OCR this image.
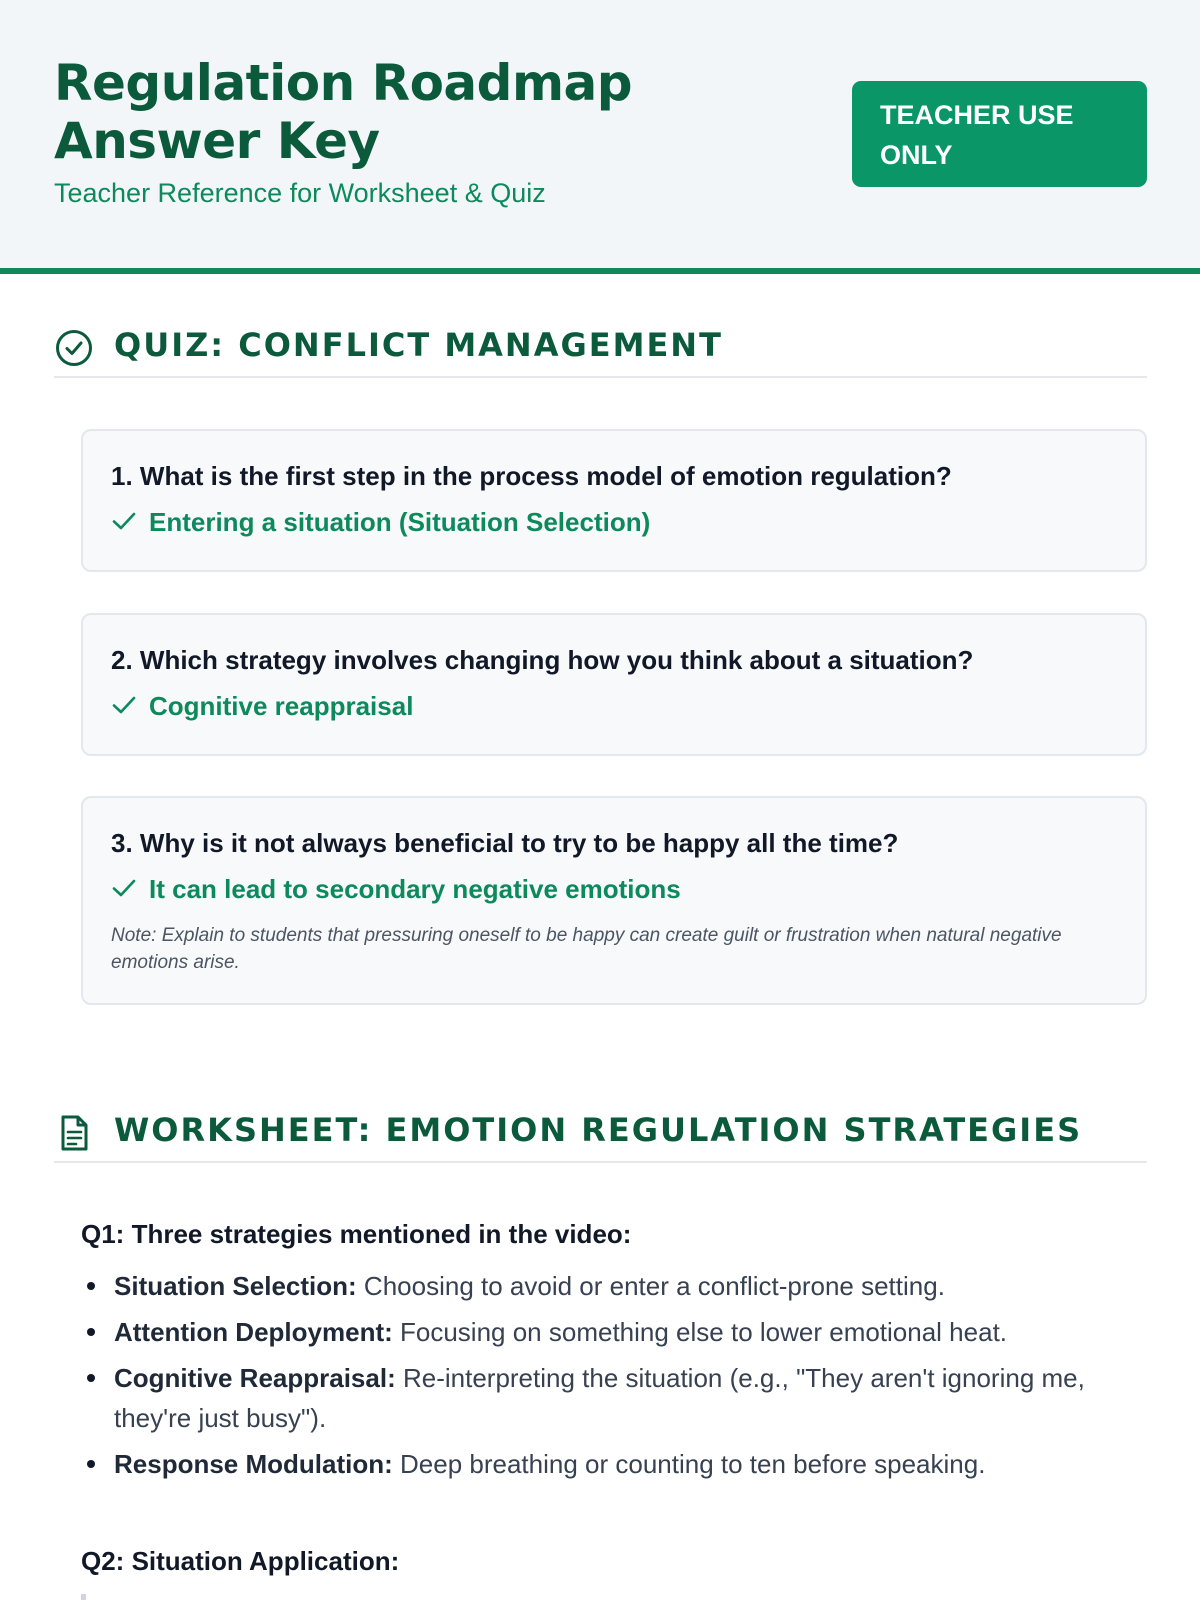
Regulation Roadmap Answer Key
Teacher Reference for Worksheet & Quiz
TEACHER USE ONLY
QUIZ: CONFLICT MANAGEMENT
1. What is the first step in the process model of emotion regulation?
Entering a situation (Situation Selection)
2. Which strategy involves changing how you think about a situation?
Cognitive reappraisal
3. Why is it not always beneficial to try to be happy all the time?
It can lead to secondary negative emotions
Note: Explain to students that pressuring oneself to be happy can create guilt or frustration when natural negative emotions arise.
WORKSHEET: EMOTION REGULATION STRATEGIES
Q1: Three strategies mentioned in the video:
Situation Selection: Choosing to avoid or enter a conflict-prone setting.
Attention Deployment: Focusing on something else to lower emotional heat.
Cognitive Reappraisal: Re-interpreting the situation (e.g., "They aren't ignoring me, they're just busy").
Response Modulation: Deep breathing or counting to ten before speaking.
Q2: Situation Application:
